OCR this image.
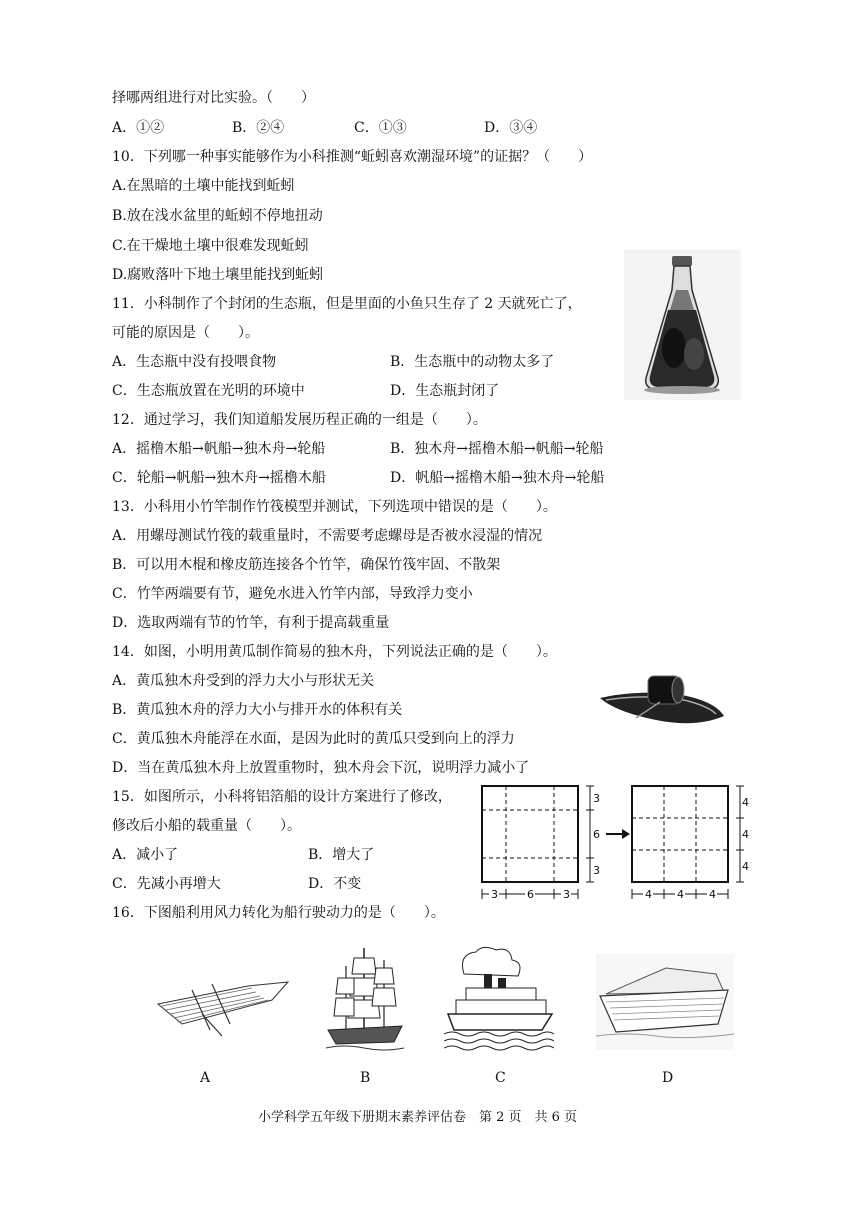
择哪两组进行对比实验。（　　）
A．①②	B．②④	C．①③	D．③④
10．下列哪一种事实能够作为小科推测“蚯蚓喜欢潮湿环境”的证据？（　　）
A.在黑暗的土壤中能找到蚯蚓
B.放在浅水盆里的蚯蚓不停地扭动
C.在干燥地土壤中很难发现蚯蚓
D.腐败落叶下地土壤里能找到蚯蚓
11．小科制作了个封闭的生态瓶，但是里面的小鱼只生存了 2 天就死亡了，
可能的原因是（　　）。
A．生态瓶中没有投喂食物	B．生态瓶中的动物太多了
C．生态瓶放置在光明的环境中	D．生态瓶封闭了
12．通过学习，我们知道船发展历程正确的一组是（　　）。
A．摇橹木船→帆船→独木舟→轮船	B．独木舟→摇橹木船→帆船→轮船
C．轮船→帆船→独木舟→摇橹木船	D．帆船→摇橹木船→独木舟→轮船
13．小科用小竹竿制作竹筏模型并测试，下列选项中错误的是（　　）。
A．用螺母测试竹筏的载重量时，不需要考虑螺母是否被水浸湿的情况
B．可以用木棍和橡皮筋连接各个竹竿，确保竹筏牢固、不散架
C．竹竿两端要有节，避免水进入竹竿内部，导致浮力变小
D．选取两端有节的竹竿，有利于提高载重量
14．如图，小明用黄瓜制作简易的独木舟，下列说法正确的是（　　）。
A．黄瓜独木舟受到的浮力大小与形状无关
B．黄瓜独木舟的浮力大小与排开水的体积有关
C．黄瓜独木舟能浮在水面，是因为此时的黄瓜只受到向上的浮力
D．当在黄瓜独木舟上放置重物时，独木舟会下沉，说明浮力减小了
15．如图所示，小科将铝箔船的设计方案进行了修改，
修改后小船的载重量（　　）。
A．减小了	B．增大了
C．先减小再增大	D．不变
3
6
3
3	6	3
4
4
4
4 4 4
16．下图船利用风力转化为船行驶动力的是（　　）。
A	B	C	D
小学科学五年级下册期末素养评估卷　第 2 页　共 6 页
